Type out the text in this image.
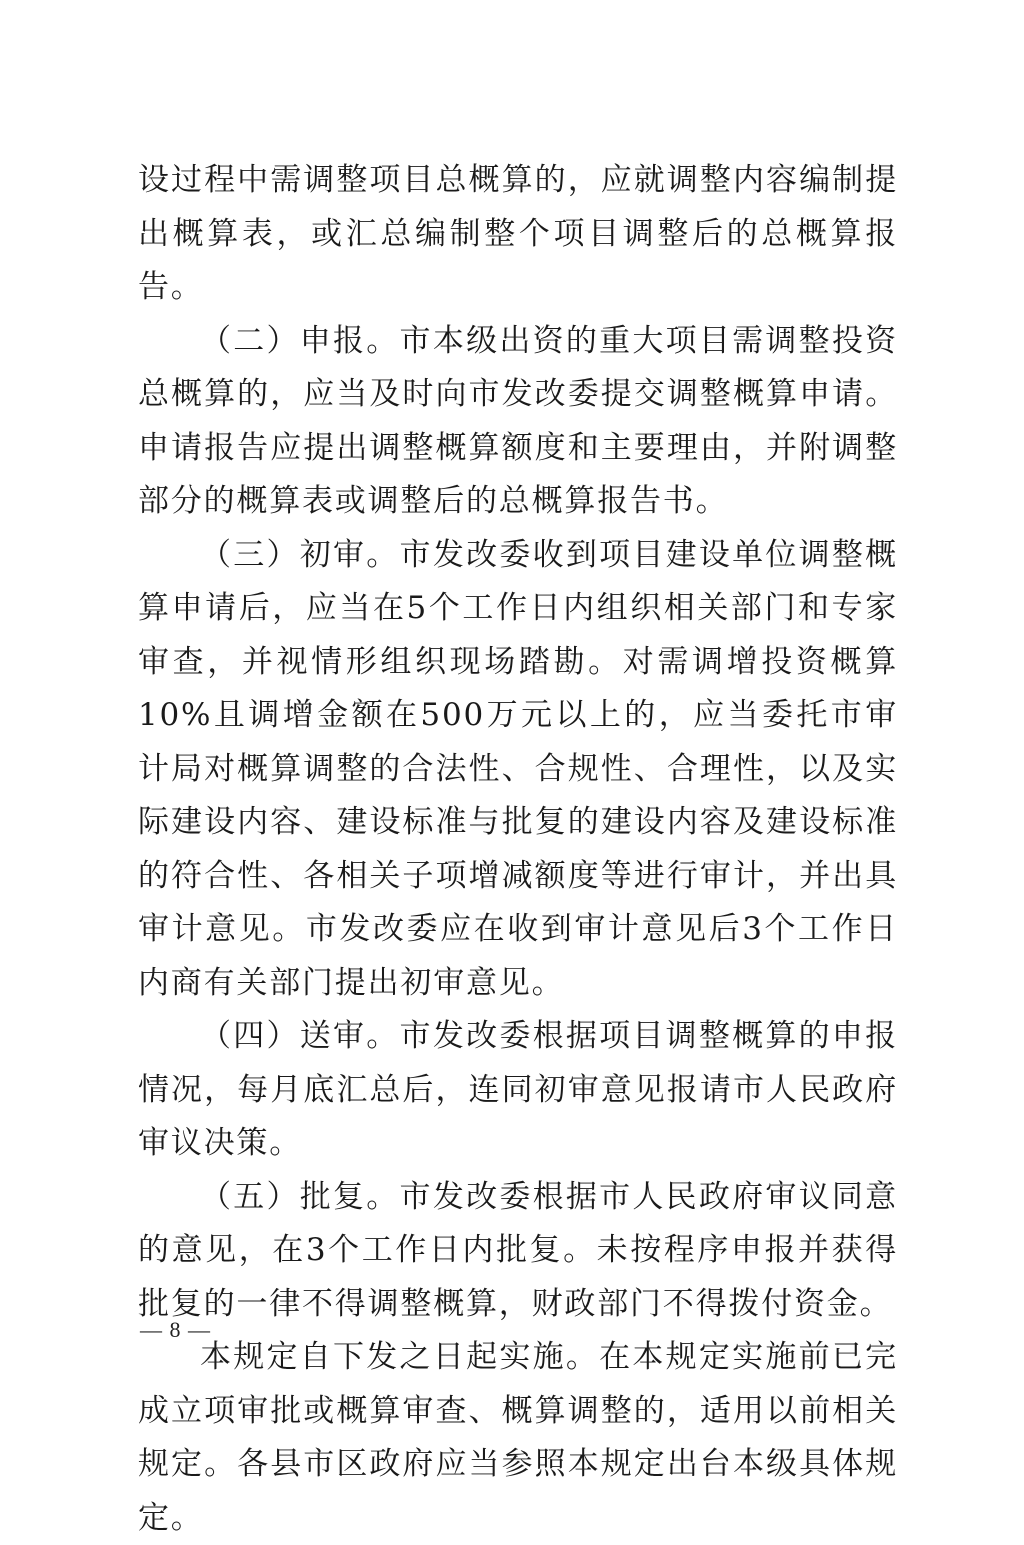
设过程中需调整项目总概算的，应就调整内容编制提出概算表，或汇总编制整个项目调整后的总概算报告。

（二）申报。市本级出资的重大项目需调整投资总概算的，应当及时向市发改委提交调整概算申请。申请报告应提出调整概算额度和主要理由，并附调整部分的概算表或调整后的总概算报告书。

（三）初审。市发改委收到项目建设单位调整概算申请后，应当在5个工作日内组织相关部门和专家审查，并视情形组织现场踏勘。对需调增投资概算10%且调增金额在500万元以上的，应当委托市审计局对概算调整的合法性、合规性、合理性，以及实际建设内容、建设标准与批复的建设内容及建设标准的符合性、各相关子项增减额度等进行审计，并出具审计意见。市发改委应在收到审计意见后3个工作日内商有关部门提出初审意见。

（四）送审。市发改委根据项目调整概算的申报情况，每月底汇总后，连同初审意见报请市人民政府审议决策。

（五）批复。市发改委根据市人民政府审议同意的意见，在3个工作日内批复。未按程序申报并获得批复的一律不得调整概算，财政部门不得拨付资金。

本规定自下发之日起实施。在本规定实施前已完成立项审批或概算审查、概算调整的，适用以前相关规定。各县市区政府应当参照本规定出台本级具体规定。

— 8 —
